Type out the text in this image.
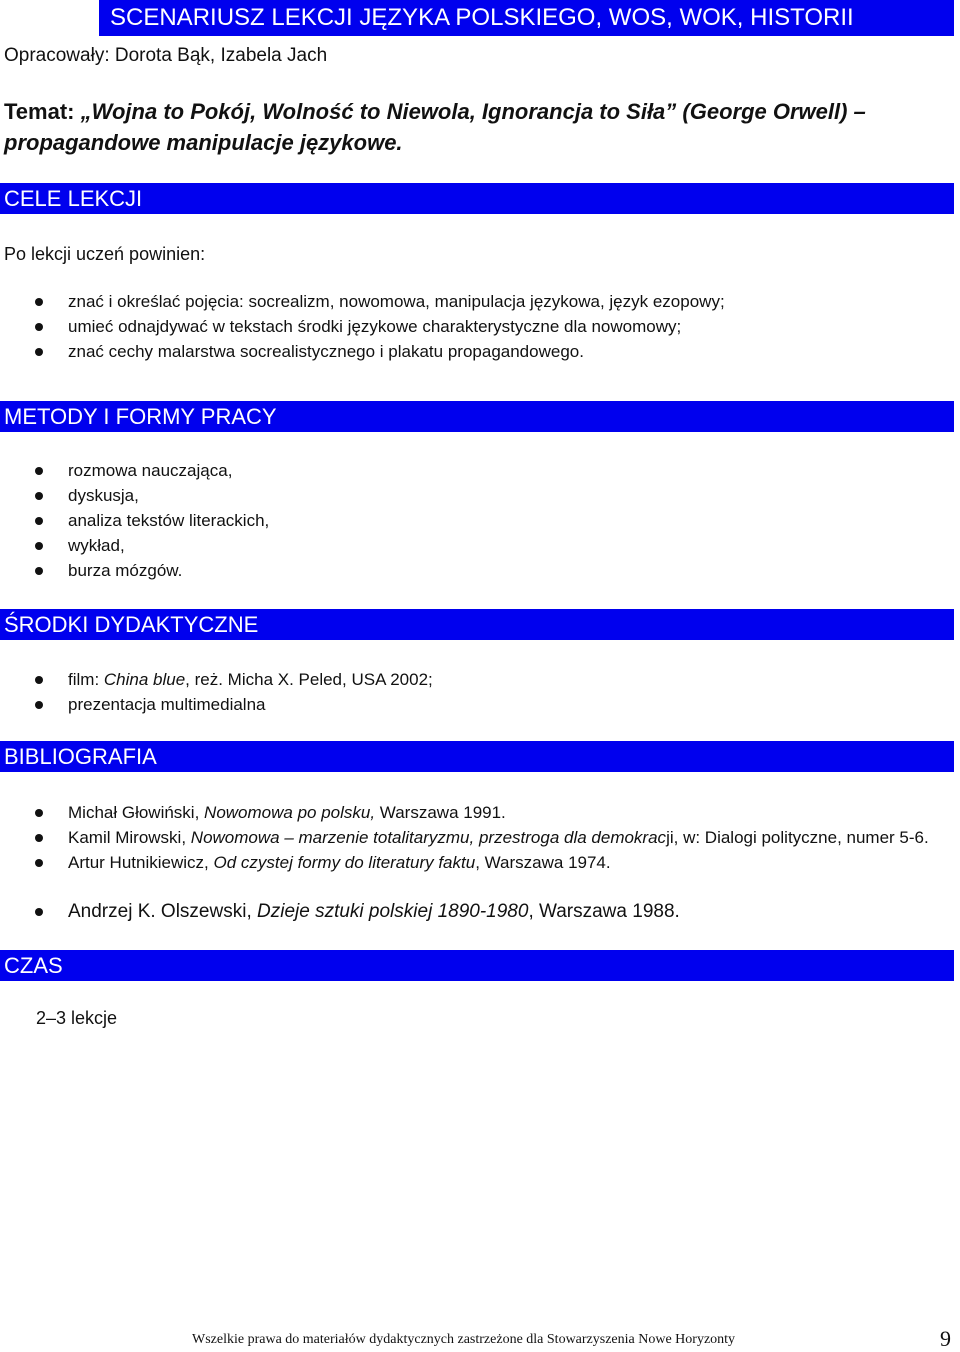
SCENARIUSZ LEKCJI JĘZYKA POLSKIEGO, WOS, WOK, HISTORII
Opracowały: Dorota Bąk, Izabela Jach
Temat: „Wojna to Pokój, Wolność to Niewola, Ignorancja to Siła” (George Orwell) –
propagandowe manipulacje językowe.
CELE LEKCJI
Po lekcji uczeń powinien:
znać i określać pojęcia: socrealizm, nowomowa, manipulacja językowa, język ezopowy;
umieć odnajdywać w tekstach środki językowe charakterystyczne dla nowomowy;
znać cechy malarstwa socrealistycznego i plakatu propagandowego.
METODY I FORMY PRACY
rozmowa nauczająca,
dyskusja,
analiza tekstów literackich,
wykład,
burza mózgów.
ŚRODKI DYDAKTYCZNE
film: China blue, reż. Micha X. Peled, USA 2002;
prezentacja multimedialna
BIBLIOGRAFIA
Michał Głowiński, Nowomowa po polsku, Warszawa 1991.
Kamil Mirowski, Nowomowa – marzenie totalitaryzmu, przestroga dla demokracji, w: Dialogi polityczne, numer 5-6.
Artur Hutnikiewicz, Od czystej formy do literatury faktu, Warszawa 1974.
Andrzej K. Olszewski, Dzieje sztuki polskiej 1890-1980, Warszawa 1988.
CZAS
2–3 lekcje
Wszelkie prawa do materiałów dydaktycznych zastrzeżone dla Stowarzyszenia Nowe Horyzonty	9
